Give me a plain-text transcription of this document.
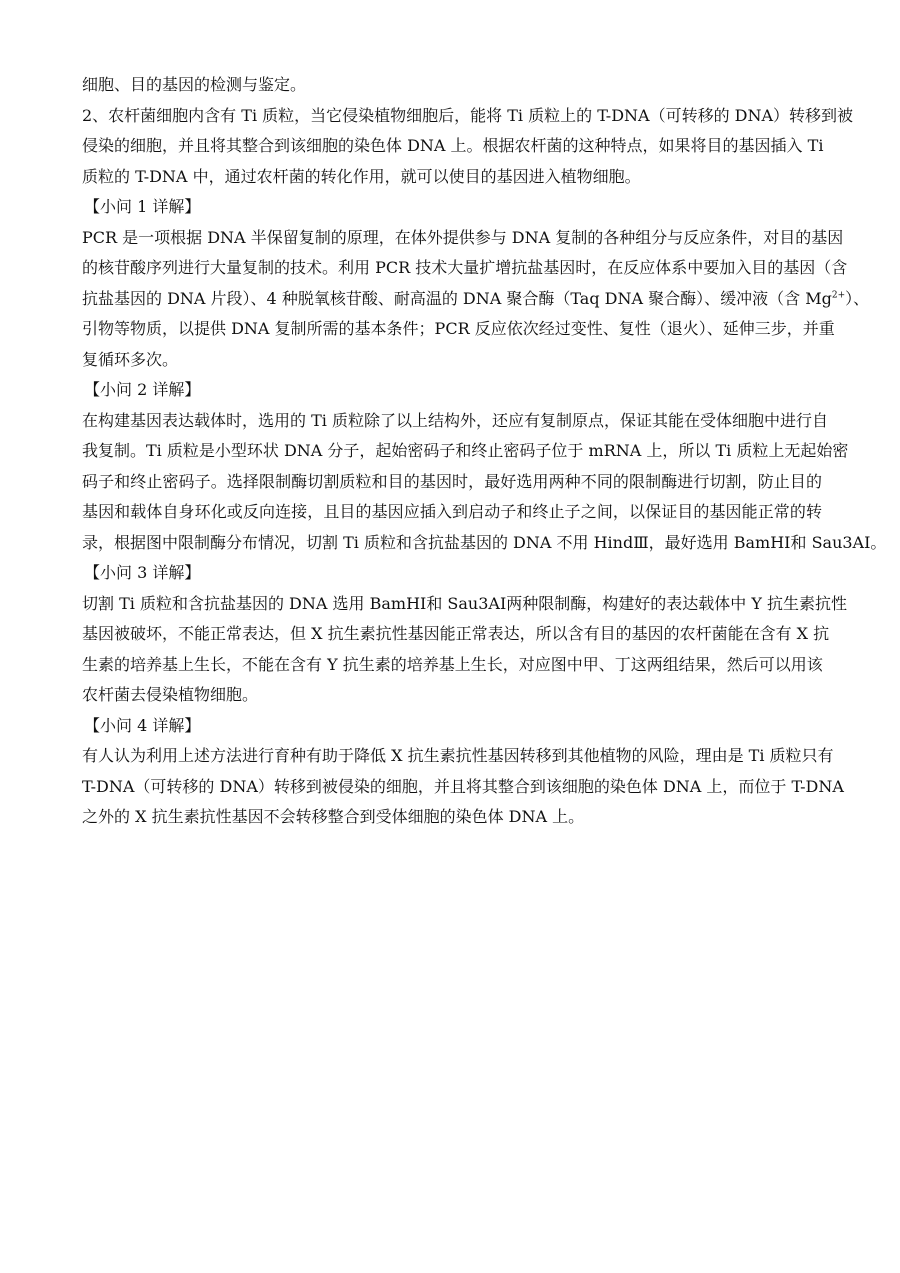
细胞、目的基因的检测与鉴定。
2、农杆菌细胞内含有 Ti 质粒，当它侵染植物细胞后，能将 Ti 质粒上的 T-DNA（可转移的 DNA）转移到被
侵染的细胞，并且将其整合到该细胞的染色体 DNA 上。根据农杆菌的这种特点，如果将目的基因插入 Ti
质粒的 T-DNA 中，通过农杆菌的转化作用，就可以使目的基因进入植物细胞。
【小问 1 详解】
PCR 是一项根据 DNA 半保留复制的原理，在体外提供参与 DNA 复制的各种组分与反应条件，对目的基因
的核苷酸序列进行大量复制的技术。利用 PCR 技术大量扩增抗盐基因时，在反应体系中要加入目的基因（含
抗盐基因的 DNA 片段）、4 种脱氧核苷酸、耐高温的 DNA 聚合酶（Taq DNA 聚合酶）、缓冲液（含 $Mg^{2+}$）、
引物等物质，以提供 DNA 复制所需的基本条件；PCR 反应依次经过变性、复性（退火）、延伸三步，并重
复循环多次。
【小问 2 详解】
在构建基因表达载体时，选用的 Ti 质粒除了以上结构外，还应有复制原点，保证其能在受体细胞中进行自
我复制。Ti 质粒是小型环状 DNA 分子，起始密码子和终止密码子位于 mRNA 上，所以 Ti 质粒上无起始密
码子和终止密码子。选择限制酶切割质粒和目的基因时，最好选用两种不同的限制酶进行切割，防止目的
基因和载体自身环化或反向连接，且目的基因应插入到启动子和终止子之间，以保证目的基因能正常的转
录，根据图中限制酶分布情况，切割 Ti 质粒和含抗盐基因的 DNA 不用 HindⅢ，最好选用 BamHⅠ和 Sau3AI。
【小问 3 详解】
切割 Ti 质粒和含抗盐基因的 DNA 选用 BamHⅠ和 Sau3AI两种限制酶，构建好的表达载体中 Y 抗生素抗性
基因被破坏，不能正常表达，但 X 抗生素抗性基因能正常表达，所以含有目的基因的农杆菌能在含有 X 抗
生素的培养基上生长，不能在含有 Y 抗生素的培养基上生长，对应图中甲、丁这两组结果，然后可以用该
农杆菌去侵染植物细胞。
【小问 4 详解】
有人认为利用上述方法进行育种有助于降低 X 抗生素抗性基因转移到其他植物的风险，理由是 Ti 质粒只有
T-DNA（可转移的 DNA）转移到被侵染的细胞，并且将其整合到该细胞的染色体 DNA 上，而位于 T-DNA
之外的 X 抗生素抗性基因不会转移整合到受体细胞的染色体 DNA 上。
